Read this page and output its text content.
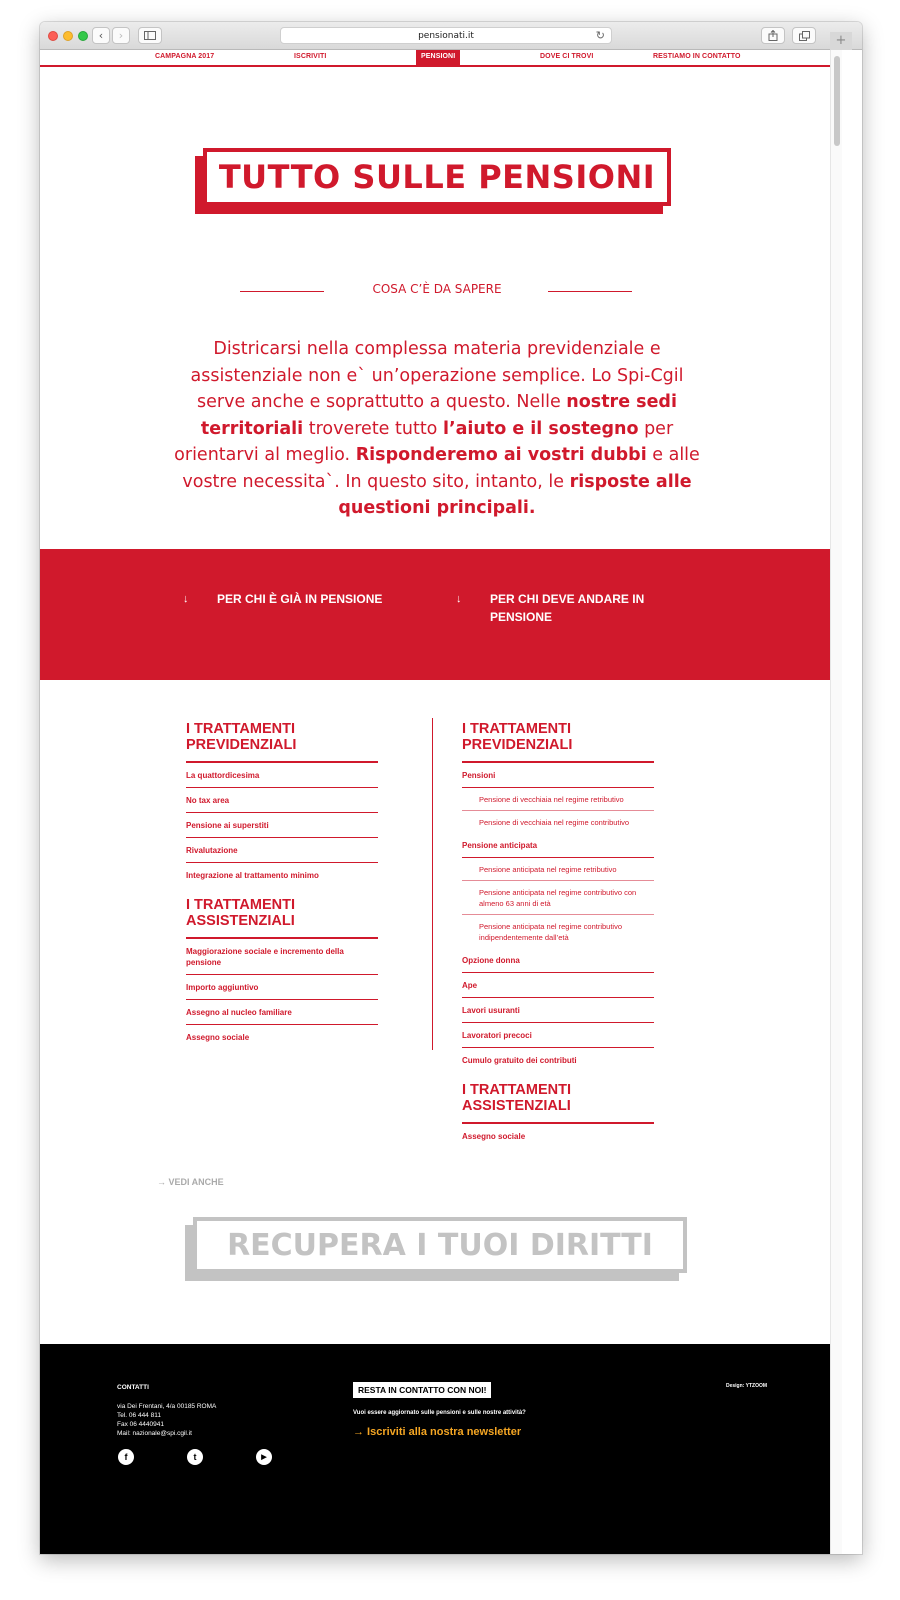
‹ ›	pensionati.it	↻	+
CAMPAGNA 2017	ISCRIVITI	PENSIONI	DOVE CI TROVI	RESTIAMO IN CONTATTO
TUTTO SULLE PENSIONI
COSA C’È DA SAPERE

Districarsi nella complessa materia previdenziale e assistenziale non e` un’operazione semplice. Lo Spi-Cgil serve anche e soprattutto a questo. Nelle nostre sedi territoriali troverete tutto l’aiuto e il sostegno per orientarvi al meglio. Risponderemo ai vostri dubbi e alle vostre necessita`. In questo sito, intanto, le risposte alle questioni principali.

↓ PER CHI È GIÀ IN PENSIONE	↓ PER CHI DEVE ANDARE IN
PENSIONE
I TRATTAMENTI
PREVIDENZIALI
La quattordicesima
No tax area
Pensione ai superstiti
Rivalutazione
Integrazione al trattamento minimo
I TRATTAMENTI
ASSISTENZIALI
Maggiorazione sociale e incremento della pensione
Importo aggiuntivo
Assegno al nucleo familiare
Assegno sociale
I TRATTAMENTI
PREVIDENZIALI
Pensioni
Pensione di vecchiaia nel regime retributivo
Pensione di vecchiaia nel regime contributivo
Pensione anticipata
Pensione anticipata nel regime retributivo
Pensione anticipata nel regime contributivo con almeno 63 anni di età
Pensione anticipata nel regime contributivo indipendentemente dall’età
Opzione donna
Ape
Lavori usuranti
Lavoratori precoci
Cumulo gratuito dei contributi
I TRATTAMENTI
ASSISTENZIALI
Assegno sociale
→ VEDI ANCHE
RECUPERA I TUOI DIRITTI
CONTATTI
via Dei Frentani, 4/a 00185 ROMA
Tel. 06 444 811
Fax 06 4440941
Mail: nazionale@spi.cgil.it
f	t	▶
RESTA IN CONTATTO CON NOI!
Vuoi essere aggiornato sulle pensioni e sulle nostre attività?
→ Iscriviti alla nostra newsletter
Design: YTZOOM
